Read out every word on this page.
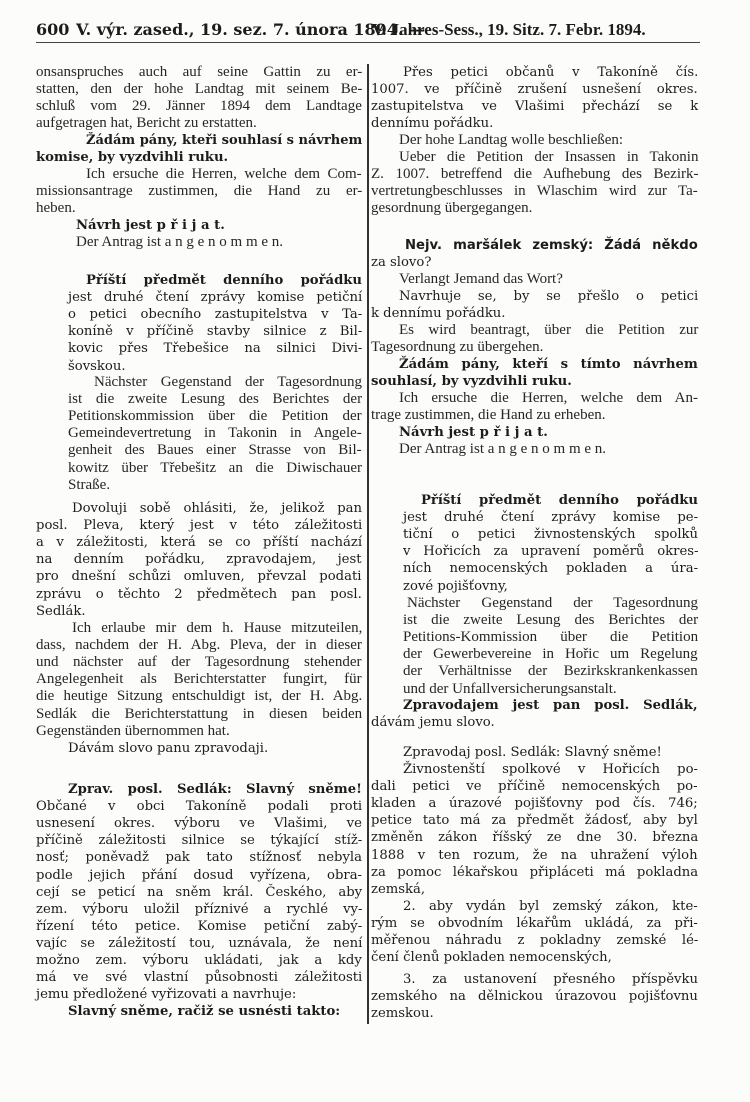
600 V. výr. zased., 19. sez. 7. února 1894. —
V. Jahres-Sess., 19. Sitz. 7. Febr. 1894.
onsanspruches auch auf seine Gattin zu er-
statten, den der hohe Landtag mit seinem Be-
schluß vom 29. Jänner 1894 dem Landtage
aufgetragen hat, Bericht zu erstatten.
Žádám pány, kteři souhlasí s návrhem
komise, by vyzdvihli ruku.
Ich ersuche die Herren, welche dem Com-
missionsantrage zustimmen, die Hand zu er-
heben.
Návrh jest p ř i j a t.
Der Antrag ist a n g e n o m m e n.
Příští předmět denního pořádku
jest druhé čtení zprávy komise petiční
o petici obecního zastupitelstva v Ta-
koníně v příčině stavby silnice z Bil-
kovic přes Třebešice na silnici Divi-
šovskou.
Nächster Gegenstand der Tagesordnung
ist die zweite Lesung des Berichtes der
Petitionskommission über die Petition der
Gemeindevertretung in Takonin in Angele-
genheit des Baues einer Strasse von Bil-
kowitz über Třebešitz an die Diwischauer
Straße.
Dovoluji sobě ohlásiti, že, jelikož pan
posl. Pleva, který jest v této záležitosti
a v záležitosti, která se co příští nachází
na denním pořádku, zpravodajem, jest
pro dnešní schůzi omluven, převzal podati
zprávu o těchto 2 předmětech pan posl.
Sedlák.
Ich erlaube mir dem h. Hause mitzuteilen,
dass, nachdem der H. Abg. Pleva, der in dieser
und nächster auf der Tagesordnung stehender
Angelegenheit als Berichterstatter fungirt, für
die heutige Sitzung entschuldigt ist, der H. Abg.
Sedlák die Berichterstattung in diesen beiden
Gegenständen übernommen hat.
Dávám slovo panu zpravodaji.
Zprav. posl. Sedlák: Slavný sněme!
Občané v obci Takoníně podali proti
usnesení okres. výboru ve Vlašimi, ve
příčině záležitosti silnice se týkající stíž-
nosť; poněvadž pak tato stížnosť nebyla
podle jejich přání dosud vyřízena, obra-
cejí se peticí na sněm král. Českého, aby
zem. výboru uložil příznivé a rychlé vy-
řízení této petice. Komise petiční zabý-
vajíc se záležitostí tou, uznávala, že není
možno zem. výboru ukládati, jak a kdy
má ve své vlastní působnosti záležitosti
jemu předložené vyřizovati a navrhuje:
Slavný sněme, račiž se usnésti takto:
Přes petici občanů v Takoníně čís.
1007. ve příčině zrušení usnešení okres.
zastupitelstva ve Vlašimi přechází se k
dennímu pořádku.
Der hohe Landtag wolle beschließen:
Ueber die Petition der Insassen in Takonin
Z. 1007. betreffend die Aufhebung des Bezirk-
vertretungbeschlusses in Wlaschim wird zur Ta-
gesordnung übergegangen.
Nejv. maršálek zemský: Žádá někdo
za slovo?
Verlangt Jemand das Wort?
Navrhuje se, by se přešlo o petici
k dennímu pořádku.
Es wird beantragt, über die Petition zur
Tagesordnung zu übergehen.
Žádám pány, kteří s tímto návrhem
souhlasí, by vyzdvihli ruku.
Ich ersuche die Herren, welche dem An-
trage zustimmen, die Hand zu erheben.
Návrh jest p ř i j a t.
Der Antrag ist a n g e n o m m e n.
Příští předmět denního pořádku
jest druhé čtení zprávy komise pe-
tiční o petici živnostenských spolků
v Hořicích za upravení poměrů okres-
ních nemocenských pokladen a úra-
zové pojišťovny,
Nächster Gegenstand der Tagesordnung
ist die zweite Lesung des Berichtes der
Petitions-Kommission über die Petition
der Gewerbevereine in Hořic um Regelung
der Verhältnisse der Bezirkskrankenkassen
und der Unfallversicherungsanstalt.
Zpravodajem jest pan posl. Sedlák,
dávám jemu slovo.
Zpravodaj posl. Sedlák: Slavný sněme!
Živnostenští spolkové v Hořicích po-
dali petici ve příčině nemocenských po-
kladen a úrazové pojišťovny pod čís. 746;
petice tato má za předmět žádosť, aby byl
změněn zákon říšský ze dne 30. března
1888 v ten rozum, že na uhražení výloh
za pomoc lékařskou připláceti má pokladna
zemská,
2. aby vydán byl zemský zákon, kte-
rým se obvodním lékařům ukládá, za při-
měřenou náhradu z pokladny zemské lé-
čení členů pokladen nemocenských,
3. za ustanovení přesného příspěvku
zemského na dělnickou úrazovou pojišťovnu
zemskou.
